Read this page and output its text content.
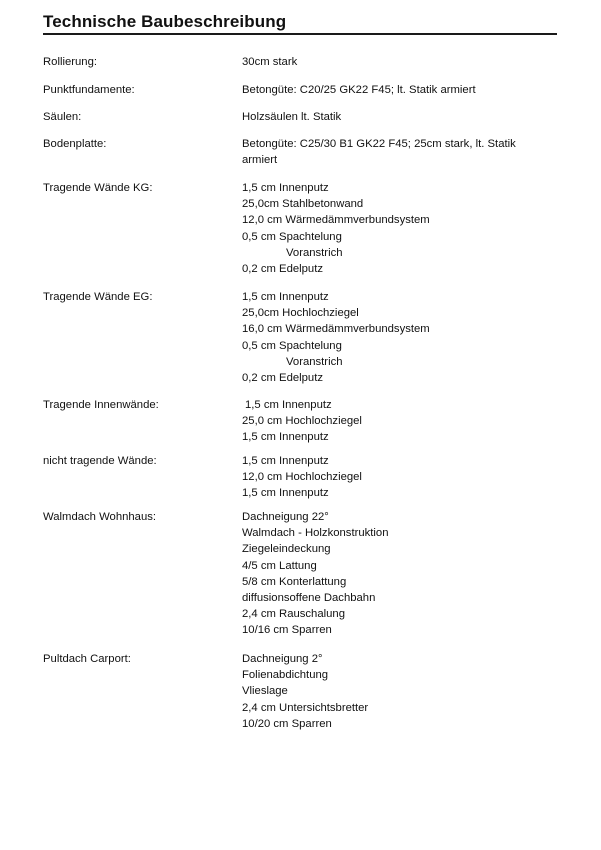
Technische Baubeschreibung
Rollierung:	30cm stark
Punktfundamente:	Betongüte: C20/25 GK22 F45; lt. Statik armiert
Säulen:	Holzsäulen lt. Statik
Bodenplatte:	Betongüte: C25/30 B1 GK22 F45; 25cm stark, lt. Statik armiert
Tragende Wände KG:	1,5 cm Innenputz
25,0cm Stahlbetonwand
12,0 cm Wärmedämmverbundsystem
0,5 cm Spachtelung
Voranstrich
0,2 cm Edelputz
Tragende Wände EG:	1,5 cm Innenputz
25,0cm Hochlochziegel
16,0 cm Wärmedämmverbundsystem
0,5 cm Spachtelung
Voranstrich
0,2 cm Edelputz
Tragende Innenwände:	1,5 cm Innenputz
25,0 cm Hochlochziegel
1,5 cm Innenputz
nicht tragende Wände:	1,5 cm Innenputz
12,0 cm Hochlochziegel
1,5 cm Innenputz
Walmdach Wohnhaus:	Dachneigung 22°
Walmdach - Holzkonstruktion
Ziegeleindeckung
4/5 cm Lattung
5/8 cm Konterlattung
diffusionsoffene Dachbahn
2,4 cm Rauschalung
10/16 cm Sparren
Pultdach Carport:	Dachneigung 2°
Folienabdichtung
Vlieslage
2,4 cm Untersichtsbretter
10/20 cm Sparren
